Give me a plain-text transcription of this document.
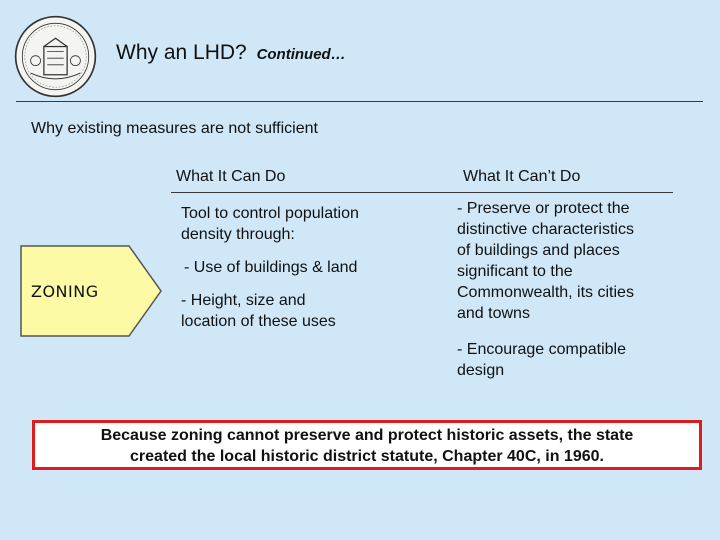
Why an LHD? Continued…
Why existing measures are not sufficient
What It Can Do	What It Can’t Do
ZONING
Tool to control population
density through:
- Use of buildings & land
- Height, size and
location of these uses
- Preserve or protect the
distinctive characteristics
of buildings and places
significant to the
Commonwealth, its cities
and towns
- Encourage compatible
design
Because zoning cannot preserve and protect historic assets, the state
created the local historic district statute, Chapter 40C, in 1960.
